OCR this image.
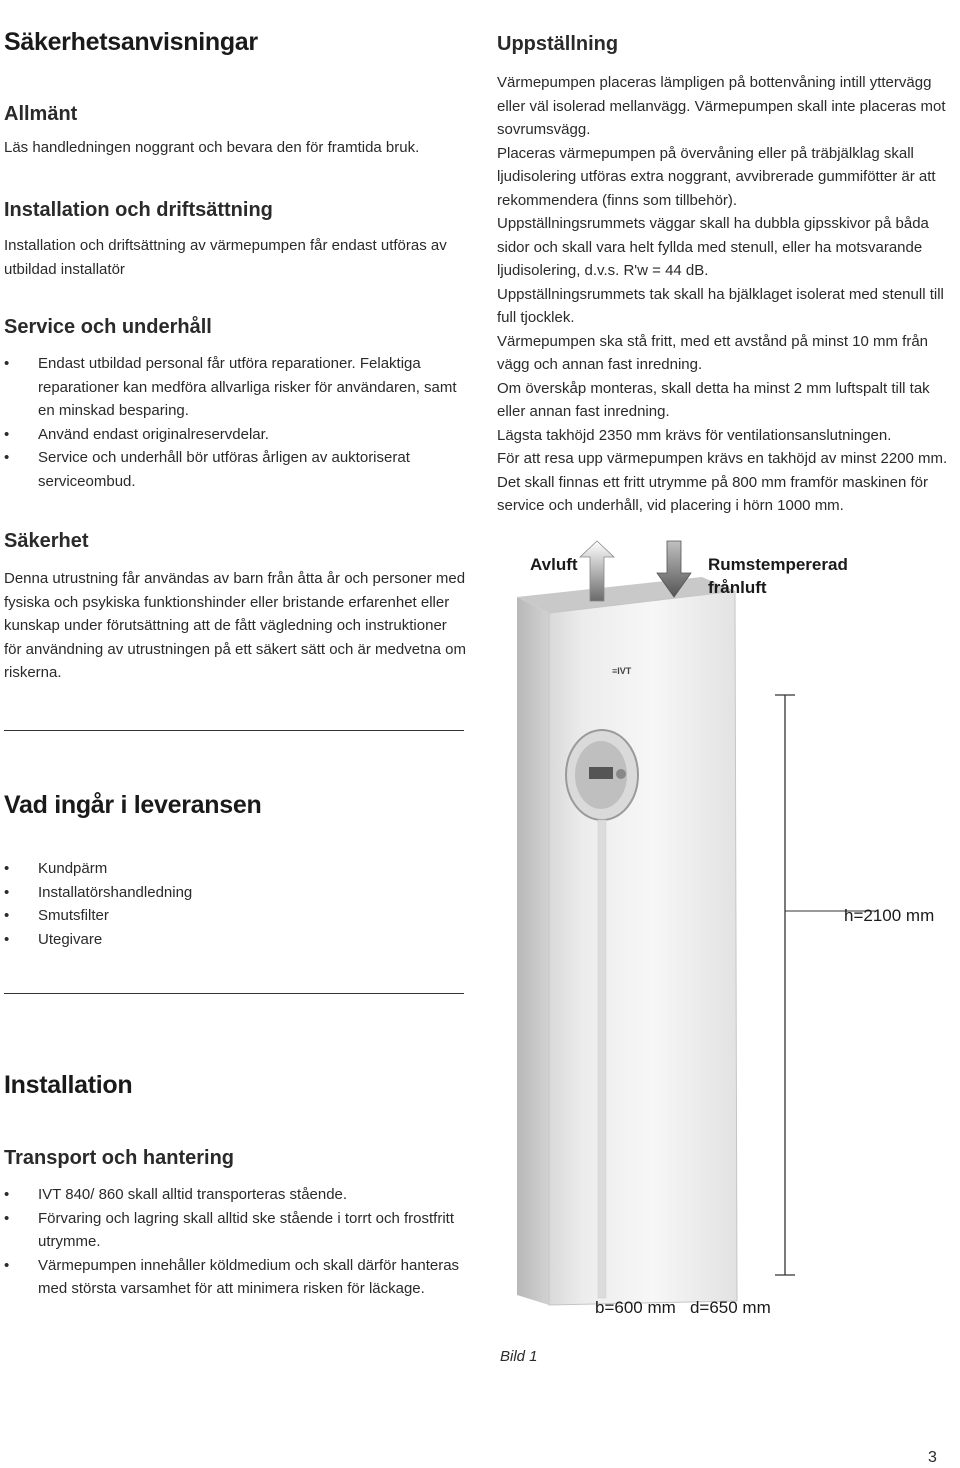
Säkerhetsanvisningar
Allmänt
Läs handledningen noggrant och bevara den för framtida bruk.
Installation och driftsättning
Installation och driftsättning av värmepumpen får endast utföras av
utbildad installatör
Service och underhåll
• Endast utbildad personal får utföra reparationer. Felaktiga
reparationer kan medföra allvarliga risker för användaren, samt
en minskad besparing.
• Använd endast originalreservdelar.
• Service och underhåll bör utföras årligen av auktoriserat
serviceombud.
Säkerhet
Denna utrustning får användas av barn från åtta år och personer med
fysiska och psykiska funktionshinder eller bristande erfarenhet eller
kunskap under förutsättning att de fått vägledning och instruktioner
för användning av utrustningen på ett säkert sätt och är medvetna om
riskerna.
Vad ingår i leveransen
• Kundpärm
• Installatörshandledning
• Smutsfilter
• Utegivare
Installation
Transport och hantering
• IVT 840/ 860 skall alltid transporteras stående.
• Förvaring och lagring skall alltid ske stående i torrt och frostfritt
utrymme.
• Värmepumpen innehåller köldmedium och skall därför hanteras
med största varsamhet för att minimera risken för läckage.
Uppställning
Värmepumpen placeras lämpligen på bottenvåning intill yttervägg
eller väl isolerad mellanvägg. Värmepumpen skall inte placeras mot
sovrumsvägg.
Placeras värmepumpen på övervåning eller på träbjälklag skall
ljudisolering utföras extra noggrant, avvibrerade gummifötter är att
rekommendera (finns som tillbehör).
Uppställningsrummets väggar skall ha dubbla gipsskivor på båda
sidor och skall vara helt fyllda med stenull, eller ha motsvarande
ljudisolering, d.v.s. R'w = 44 dB.
Uppställningsrummets tak skall ha bjälklaget isolerat med stenull till
full tjocklek.
Värmepumpen ska stå fritt, med ett avstånd på minst 10 mm från
vägg och annan fast inredning.
Om överskåp monteras, skall detta ha minst 2 mm luftspalt till tak
eller annan fast inredning.
Lägsta takhöjd 2350 mm krävs för ventilationsanslutningen.
För att resa upp värmepumpen krävs en takhöjd av minst 2200 mm.
Det skall finnas ett fritt utrymme på 800 mm framför maskinen för
service och underhåll, vid placering i hörn 1000 mm.
Avluft	Rumstempererad
frånluft
≡IVT
h=2100 mm
b=600 mm   d=650 mm
Bild 1
3
